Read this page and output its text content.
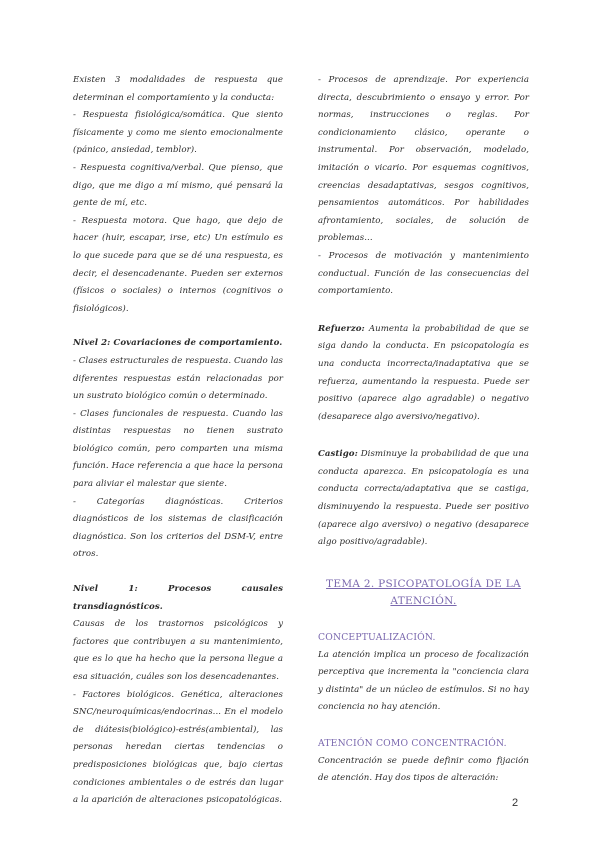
Existen 3 modalidades de respuesta que determinan el comportamiento y la conducta:

- Respuesta fisiológica/somática. Que siento físicamente y como me siento emocionalmente (pánico, ansiedad, temblor).

- Respuesta cognitiva/verbal. Que pienso, que digo, que me digo a mí mismo, qué pensará la gente de mí, etc.

- Respuesta motora. Que hago, que dejo de hacer (huir, escapar, irse, etc) Un estímulo es lo que sucede para que se dé una respuesta, es decir, el desencadenante. Pueden ser externos (físicos o sociales) o internos (cognitivos o fisiológicos).

Nivel 2: Covariaciones de comportamiento.

- Clases estructurales de respuesta. Cuando las diferentes respuestas están relacionadas por un sustrato biológico común o determinado.

- Clases funcionales de respuesta. Cuando las distintas respuestas no tienen sustrato biológico común, pero comparten una misma función. Hace referencia a que hace la persona para aliviar el malestar que siente.

- Categorías diagnósticas. Criterios diagnósticos de los sistemas de clasificación diagnóstica. Son los criterios del DSM-V, entre otros.

Nivel 1: Procesos causales transdiagnósticos.

Causas de los trastornos psicológicos y factores que contribuyen a su mantenimiento, que es lo que ha hecho que la persona llegue a esa situación, cuáles son los desencadenantes.

- Factores biológicos. Genética, alteraciones SNC/neuroquímicas/endocrinas... En el modelo de diátesis(biológico)-estrés(ambiental), las personas heredan ciertas tendencias o predisposiciones biológicas que, bajo ciertas condiciones ambientales o de estrés dan lugar a la aparición de alteraciones psicopatológicas.

- Procesos de aprendizaje. Por experiencia directa, descubrimiento o ensayo y error. Por normas, instrucciones o reglas. Por condicionamiento clásico, operante o instrumental. Por observación, modelado, imitación o vicario. Por esquemas cognitivos, creencias desadaptativas, sesgos cognitivos, pensamientos automáticos. Por habilidades afrontamiento, sociales, de solución de problemas...

- Procesos de motivación y mantenimiento conductual. Función de las consecuencias del comportamiento.

Refuerzo: Aumenta la probabilidad de que se siga dando la conducta. En psicopatología es una conducta incorrecta/inadaptativa que se refuerza, aumentando la respuesta. Puede ser positivo (aparece algo agradable) o negativo (desaparece algo aversivo/negativo).

Castigo: Disminuye la probabilidad de que una conducta aparezca. En psicopatología es una conducta correcta/adaptativa que se castiga, disminuyendo la respuesta. Puede ser positivo (aparece algo aversivo) o negativo (desaparece algo positivo/agradable).

TEMA 2. PSICOPATOLOGÍA DE LA ATENCIÓN.
CONCEPTUALIZACIÓN.

La atención implica un proceso de focalización perceptiva que incrementa la "conciencia clara y distinta" de un núcleo de estímulos. Si no hay conciencia no hay atención.

ATENCIÓN COMO CONCENTRACIÓN.

Concentración se puede definir como fijación de atención. Hay dos tipos de alteración:

2
